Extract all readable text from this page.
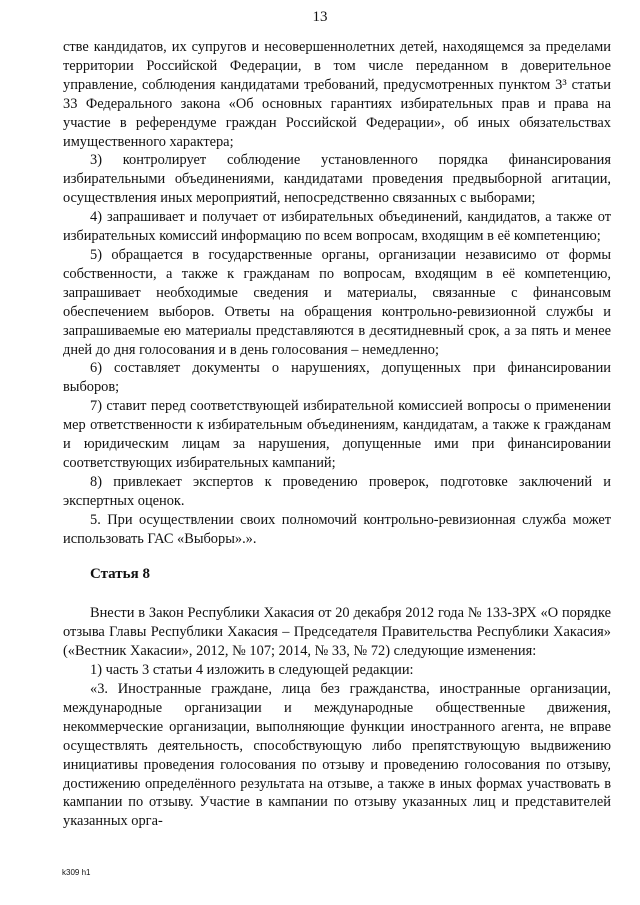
13

стве кандидатов, их супругов и несовершеннолетних детей, находящемся за пределами территории Российской Федерации, в том числе переданном в доверительное управление, соблюдения кандидатами требований, предусмотренных пунктом 3³ статьи 33 Федерального закона «Об основных гарантиях избирательных прав и права на участие в референдуме граждан Российской Федерации», об иных обязательствах имущественного характера;

3) контролирует соблюдение установленного порядка финансирования избирательными объединениями, кандидатами проведения предвыборной агитации, осуществления иных мероприятий, непосредственно связанных с выборами;

4) запрашивает и получает от избирательных объединений, кандидатов, а также от избирательных комиссий информацию по всем вопросам, входящим в её компетенцию;

5) обращается в государственные органы, организации независимо от формы собственности, а также к гражданам по вопросам, входящим в её компетенцию, запрашивает необходимые сведения и материалы, связанные с финансовым обеспечением выборов. Ответы на обращения контрольно-ревизионной службы и запрашиваемые ею материалы представляются в десятидневный срок, а за пять и менее дней до дня голосования и в день голосования – немедленно;

6) составляет документы о нарушениях, допущенных при финансировании выборов;

7) ставит перед соответствующей избирательной комиссией вопросы о применении мер ответственности к избирательным объединениям, кандидатам, а также к гражданам и юридическим лицам за нарушения, допущенные ими при финансировании соответствующих избирательных кампаний;

8) привлекает экспертов к проведению проверок, подготовке заключений и экспертных оценок.

5. При осуществлении своих полномочий контрольно-ревизионная служба может использовать ГАС «Выборы».».

Статья 8

Внести в Закон Республики Хакасия от 20 декабря 2012 года № 133-ЗРХ «О порядке отзыва Главы Республики Хакасия – Председателя Правительства Республики Хакасия» («Вестник Хакасии», 2012, № 107; 2014, № 33, № 72) следующие изменения:

1) часть 3 статьи 4 изложить в следующей редакции:

«3. Иностранные граждане, лица без гражданства, иностранные организации, международные организации и международные общественные движения, некоммерческие организации, выполняющие функции иностранного агента, не вправе осуществлять деятельность, способствующую либо препятствующую выдвижению инициативы проведения голосования по отзыву и проведению голосования по отзыву, достижению определённого результата на отзыве, а также в иных формах участвовать в кампании по отзыву. Участие в кампании по отзыву указанных лиц и представителей указанных орга-

k309 h1
